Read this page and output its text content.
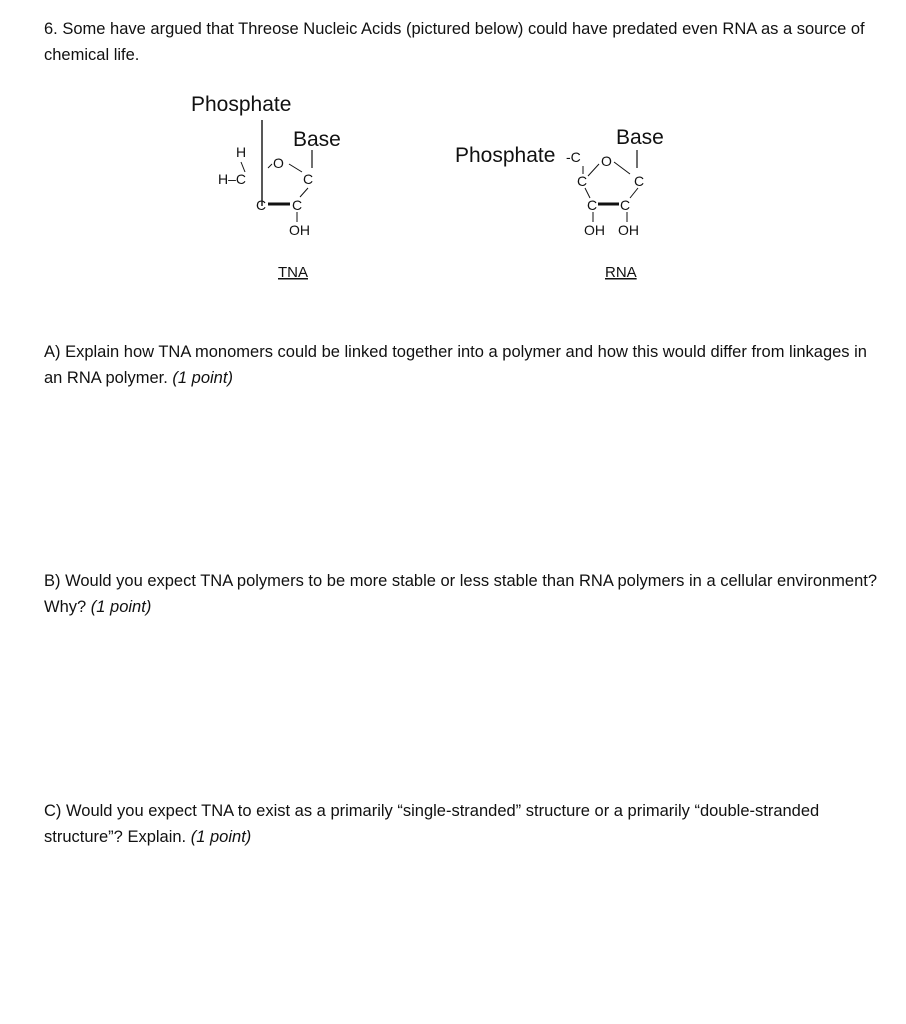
6. Some have argued that Threose Nucleic Acids (pictured below) could have predated even RNA as a source of chemical life.
Phosphate
Base
H
H–C
O
C
C C
OH
TNA
Base
Phosphate -C O
C	C
C C
OH OH
RNA
A) Explain how TNA monomers could be linked together into a polymer and how this would differ from linkages in an RNA polymer. (1 point)
B) Would you expect TNA polymers to be more stable or less stable than RNA polymers in a cellular environment? Why? (1 point)
C) Would you expect TNA to exist as a primarily “single-stranded” structure or a primarily “double-stranded structure”? Explain. (1 point)
